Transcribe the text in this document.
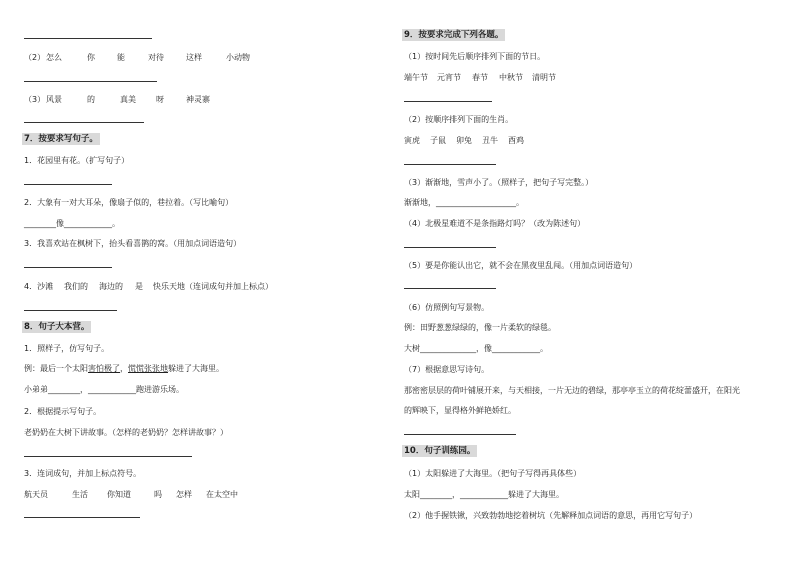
（2） 怎么	你	能	对待	这样	小动物
（3） 风景	的	真美	呀	神灵寨
7．按要求写句子。
1．花园里有花。（扩写句子）
2．大象有一对大耳朵，像扇子似的，巷拉着。（写比喻句）
________像____________。
3．我喜欢站在枫树下，抬头看喜鹊的窝。（用加点词语造句）
4．沙滩 我们的 海边的 是 快乐天地（连词成句并加上标点）
8．句子大本营。
1．照样子，仿写句子。
例：最后一个太阳害怕极了，慌慌张张地躲进了大海里。
小弟弟________，____________跑进游乐场。
2．根据提示写句子。
老奶奶在大树下讲故事。（怎样的老奶奶？怎样讲故事？）
3．连词成句，并加上标点符号。
航天员	生活 你知道	吗 怎样 在太空中
9．按要求完成下列各题。
（1）按时间先后顺序排列下面的节日。
端午节 元宵节 春节 中秋节 清明节
（2）按顺序排列下面的生肖。
寅虎 子鼠 卯兔 丑牛 酉鸡
（3）渐渐地，雪声小了。（照样子，把句子写完整。）
渐渐地，____________________。
（4）北极星难道不是条指路灯吗？（改为陈述句）
（5）要是你能认出它，就不会在黑夜里乱闯。（用加点词语造句）
（6）仿照例句写景物。
例：田野葱葱绿绿的，像一片柔软的绿毯。
大树______________，像____________。
（7）根据意思写诗句。
那密密层层的荷叶铺展开来，与天相接，一片无边的碧绿，那亭亭玉立的荷花绽蕾盛开，在阳光
的辉映下，显得格外鲜艳娇红。
10．句子训练园。
（1）太阳躲进了大海里。（把句子写得再具体些）
太阳________，____________躲进了大海里。
（2）他手握铁锹，兴致勃勃地挖着树坑（先解释加点词语的意思，再用它写句子）
